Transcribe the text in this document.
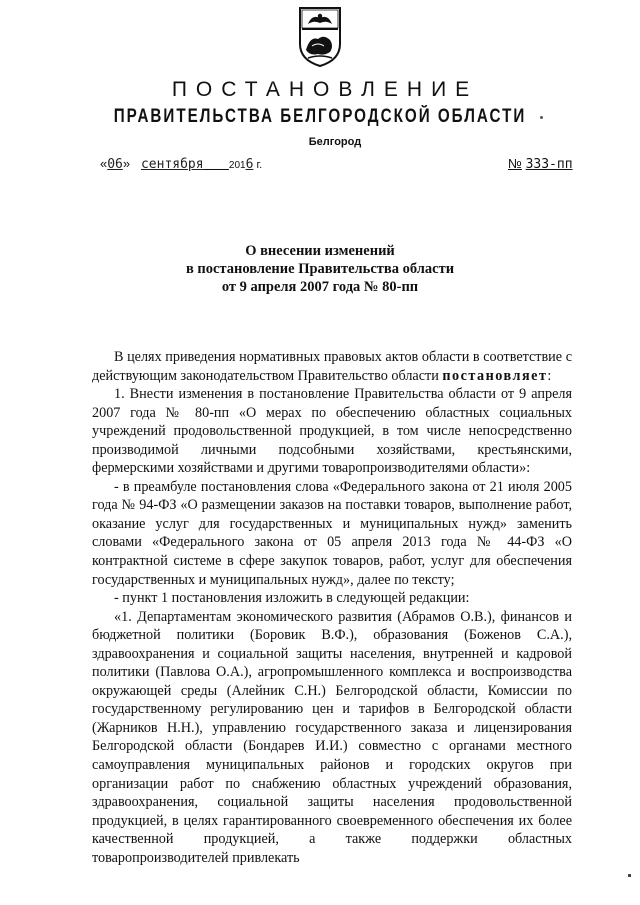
ПОСТАНОВЛЕНИЕ
ПРАВИТЕЛЬСТВА БЕЛГОРОДСКОЙ ОБЛАСТИ
Белгород
«06» сентября	2016 г.	№ 333-пп
О внесении изменений
в постановление Правительства области
от 9 апреля 2007 года № 80-пп

В целях приведения нормативных правовых актов области в соответствие с действующим законодательством Правительство области постановляет:

1. Внести изменения в постановление Правительства области от 9 апреля 2007 года № 80-пп «О мерах по обеспечению областных социальных учреждений продовольственной продукцией, в том числе непосредственно производимой личными подсобными хозяйствами, крестьянскими, фермерскими хозяйствами и другими товаропроизводителями области»:

- в преамбуле постановления слова «Федерального закона от 21 июля 2005 года № 94-ФЗ «О размещении заказов на поставки товаров, выполнение работ, оказание услуг для государственных и муниципальных нужд» заменить словами «Федерального закона от 05 апреля 2013 года № 44-ФЗ «О контрактной системе в сфере закупок товаров, работ, услуг для обеспечения государственных и муниципальных нужд», далее по тексту;

- пункт 1 постановления изложить в следующей редакции:

«1. Департаментам экономического развития (Абрамов О.В.), финансов и бюджетной политики (Боровик В.Ф.), образования (Боженов С.А.), здравоохранения и социальной защиты населения, внутренней и кадровой политики (Павлова О.А.), агропромышленного комплекса и воспроизводства окружающей среды (Алейник С.Н.) Белгородской области, Комиссии по государственному регулированию цен и тарифов в Белгородской области (Жарников Н.Н.), управлению государственного заказа и лицензирования Белгородской области (Бондарев И.И.) совместно с органами местного самоуправления муниципальных районов и городских округов при организации работ по снабжению областных учреждений образования, здравоохранения, социальной защиты населения продовольственной продукцией, в целях гарантированного своевременного обеспечения их более качественной продукцией, а также поддержки областных товаропроизводителей привлекать
